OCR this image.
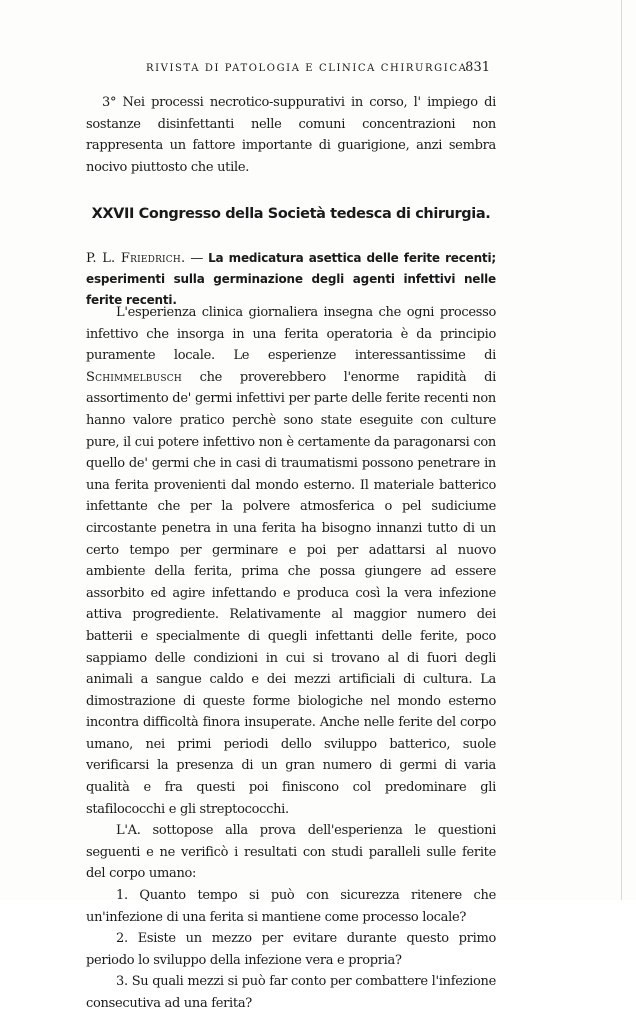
RIVISTA DI PATOLOGIA E CLINICA CHIRURGICA
831

3° Nei processi necrotico-suppurativi in corso, l' impiego di sostanze disinfettanti nelle comuni concentrazioni non rappresenta un fattore importante di guarigione, anzi sembra nocivo piuttosto che utile.

XXVII Congresso della Società tedesca di chirurgia.
P. L. Friedrich. — La medicatura asettica delle ferite recenti; esperimenti sulla germinazione degli agenti infettivi nelle ferite recenti.

L'esperienza clinica giornaliera insegna che ogni processo infettivo che insorga in una ferita operatoria è da principio puramente locale. Le esperienze interessantissime di Schimmelbusch che proverebbero l'enorme rapidità di assortimento de' germi infettivi per parte delle ferite recenti non hanno valore pratico perchè sono state eseguite con culture pure, il cui potere infettivo non è certamente da paragonarsi con quello de' germi che in casi di traumatismi possono penetrare in una ferita provenienti dal mondo esterno. Il materiale batterico infettante che per la polvere atmosferica o pel sudiciume circostante penetra in una ferita ha bisogno innanzi tutto di un certo tempo per germinare e poi per adattarsi al nuovo ambiente della ferita, prima che possa giungere ad essere assorbito ed agire infettando e produca così la vera infezione attiva progrediente. Relativamente al maggior numero dei batterii e specialmente di quegli infettanti delle ferite, poco sappiamo delle condizioni in cui si trovano al di fuori degli animali a sangue caldo e dei mezzi artificiali di cultura. La dimostrazione di queste forme biologiche nel mondo esterno incontra difficoltà finora insuperate. Anche nelle ferite del corpo umano, nei primi periodi dello sviluppo batterico, suole verificarsi la presenza di un gran numero di germi di varia qualità e fra questi poi finiscono col predominare gli stafilococchi e gli streptococchi.

L'A. sottopose alla prova dell'esperienza le questioni seguenti e ne verificò i resultati con studi paralleli sulle ferite del corpo umano:

1. Quanto tempo si può con sicurezza ritenere che un'infezione di una ferita si mantiene come processo locale?

2. Esiste un mezzo per evitare durante questo primo periodo lo sviluppo della infezione vera e propria?

3. Su quali mezzi si può far conto per combattere l'infezione consecutiva ad una ferita?
